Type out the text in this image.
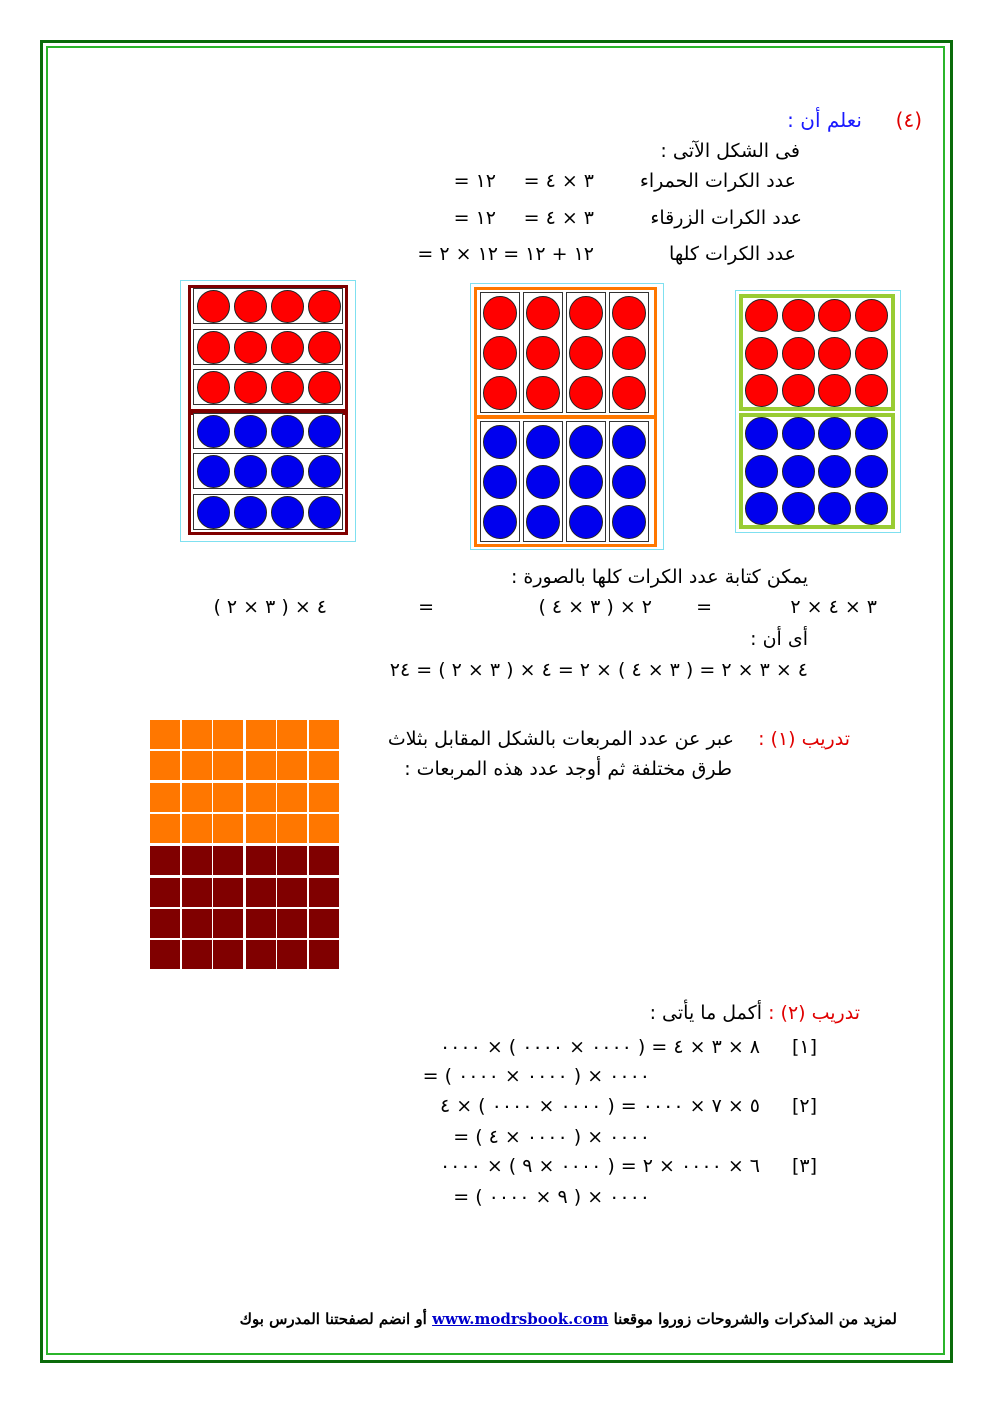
(٤)
نعلم أن :
فى الشكل الآتى :
عدد الكرات الحمراء
= ٣ × ٤
= ١٢
عدد الكرات الزرقاء
= ٣ × ٤
= ١٢
عدد الكرات كلها
= ١٢ + ١٢
= ١٢ × ٢
يمكن كتابة عدد الكرات كلها بالصورة :
٣ × ٤ × ٢
=
( ٣ × ٤ ) × ٢
=
٤ × ( ٣ × ٢ )
أى أن :
٤ × ٣ × ٢ = ( ٣ × ٤ ) × ٢ = ٤ × ( ٣ × ٢ ) = ٢٤
تدريب (١) :
عبر عن عدد المربعات بالشكل المقابل بثلاث
طرق مختلفة ثم أوجد عدد هذه المربعات :
تدريب (٢) :
أكمل ما يأتى :
[١]
٨ × ٣ × ٤ = ( ٠٠٠٠ × ٠٠٠٠ ) × ٠٠٠٠
= ٠٠٠٠ × ( ٠٠٠٠ × ٠٠٠٠ )
[٢]
٥ × ٧ × ٠٠٠٠ = ( ٠٠٠٠ × ٠٠٠٠ ) × ٤
= ٠٠٠٠ × ( ٠٠٠٠ × ٤ )
[٣]
٦ × ٠٠٠٠ × ٢ = ( ٠٠٠٠ × ٩ ) × ٠٠٠٠
= ٠٠٠٠ × ( ٩ × ٠٠٠٠ )
لمزيد من المذكرات والشروحات زوروا موقعنا www.modrsbook.com أو انضم لصفحتنا المدرس بوك
